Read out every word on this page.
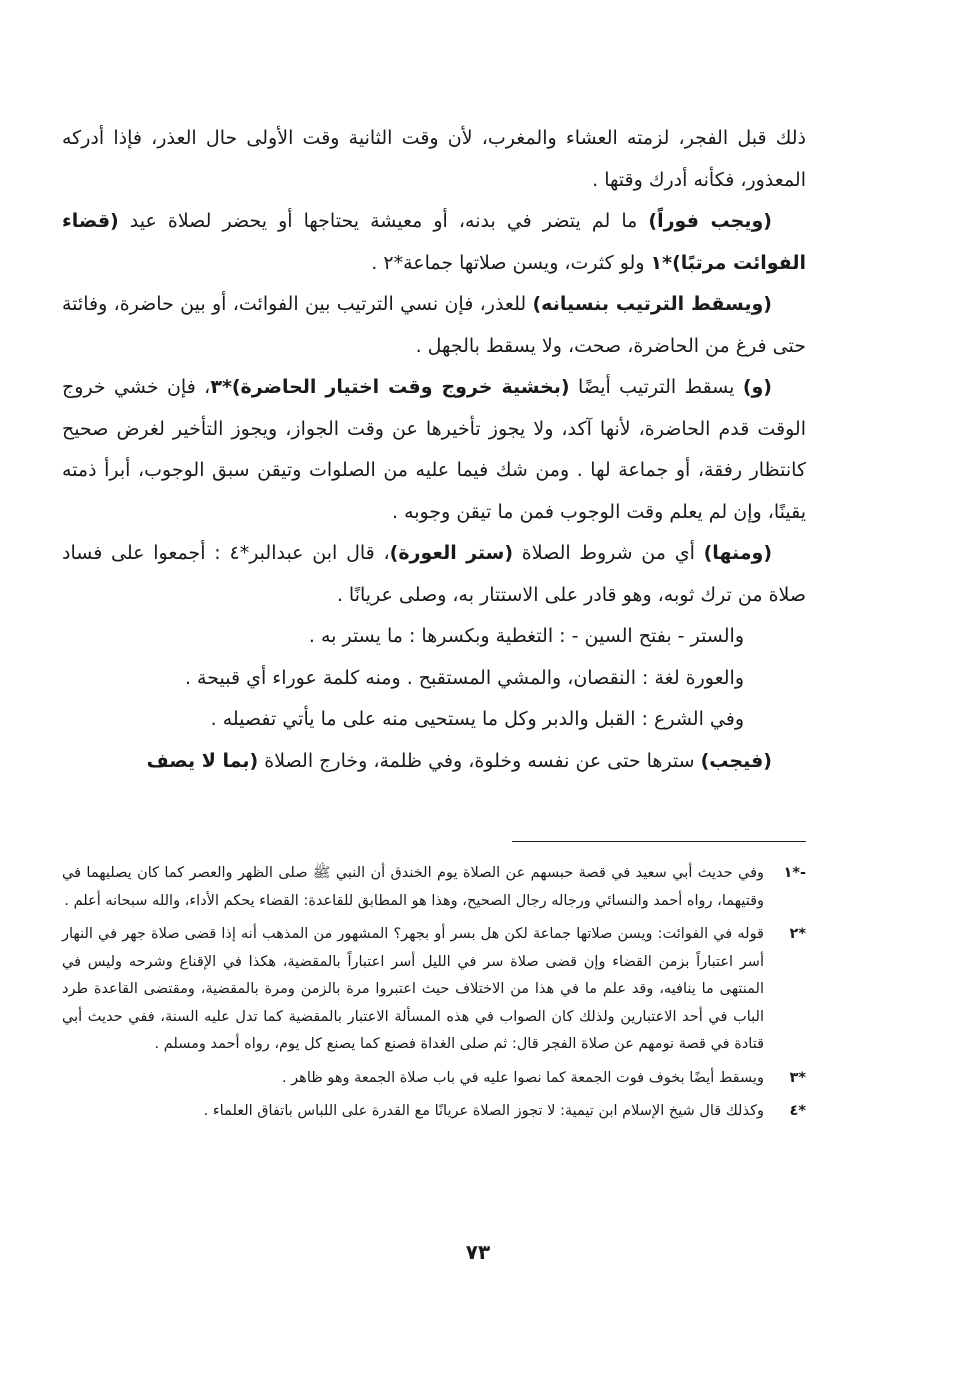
ذلك قبل الفجر، لزمته العشاء والمغرب، لأن وقت الثانية وقت الأولى حال العذر، فإذا أدركه المعذور، فكأنه أدرك وقتها .

(ويجب فوراً) ما لم يتضر في بدنه، أو معيشة يحتاجها أو يحضر لصلاة عيد (قضاء الفوائت مرتبًا)*١ ولو كثرت، ويسن صلاتها جماعة*٢ .

(ويسقط الترتيب بنسيانه) للعذر، فإن نسي الترتيب بين الفوائت، أو بين حاضرة، وفائتة حتى فرغ من الحاضرة، صحت، ولا يسقط بالجهل .

(و) يسقط الترتيب أيضًا (بخشية خروج وقت اختيار الحاضرة)*٣، فإن خشي خروج الوقت قدم الحاضرة، لأنها آكد، ولا يجوز تأخيرها عن وقت الجواز، ويجوز التأخير لغرض صحيح كانتظار رفقة، أو جماعة لها . ومن شك فيما عليه من الصلوات وتيقن سبق الوجوب، أبرأ ذمته يقينًا، وإن لم يعلم وقت الوجوب فمن ما تيقن وجوبه .

(ومنها) أي من شروط الصلاة (ستر العورة)، قال ابن عبدالبر*٤ : أجمعوا على فساد صلاة من ترك ثوبه، وهو قادر على الاستتار به، وصلى عريانًا .

والستر - بفتح السين - : التغطية وبكسرها : ما يستر به .

والعورة لغة : النقصان، والمشي المستقبح . ومنه كلمة عوراء أي قبيحة .

وفي الشرع : القبل والدبر وكل ما يستحيى منه على ما يأتي تفصيله .

(فيجب) سترها حتى عن نفسه وخلوة، وفي ظلمة، وخارج الصلاة (بما لا يصف

-*١
وفي حديث أبي سعيد في قصة حبسهم عن الصلاة يوم الخندق أن النبي ﷺ صلى الظهر والعصر كما كان يصليهما في وقتيهما، رواه أحمد والنسائي ورجاله رجال الصحيح، وهذا هو المطابق للقاعدة: القضاء يحكم الأداء، والله سبحانه أعلم .
*٢
قوله في الفوائت: ويسن صلاتها جماعة لكن هل بسر أو بجهر؟ المشهور من المذهب أنه إذا قضى صلاة جهر في النهار أسر اعتباراً بزمن القضاء وإن قضى صلاة سر في الليل أسر اعتباراً بالمقضية، هكذا في الإقناع وشرحه وليس في المنتهى ما ينافيه، وقد علم ما في هذا من الاختلاف حيث اعتبروا مرة بالزمن ومرة بالمقضية، ومقتضى القاعدة طرد الباب في أحد الاعتبارين ولذلك كان الصواب في هذه المسألة الاعتبار بالمقضية كما تدل عليه السنة، ففي حديث أبي قتادة في قصة نومهم عن صلاة الفجر قال: ثم صلى الغداة فصنع كما يصنع كل يوم، رواه أحمد ومسلم .
*٣
ويسقط أيضًا بخوف فوت الجمعة كما نصوا عليه في باب صلاة الجمعة وهو ظاهر .
*٤
وكذلك قال شيخ الإسلام ابن تيمية: لا تجوز الصلاة عريانًا مع القدرة على اللباس باتفاق العلماء .
٧٣
